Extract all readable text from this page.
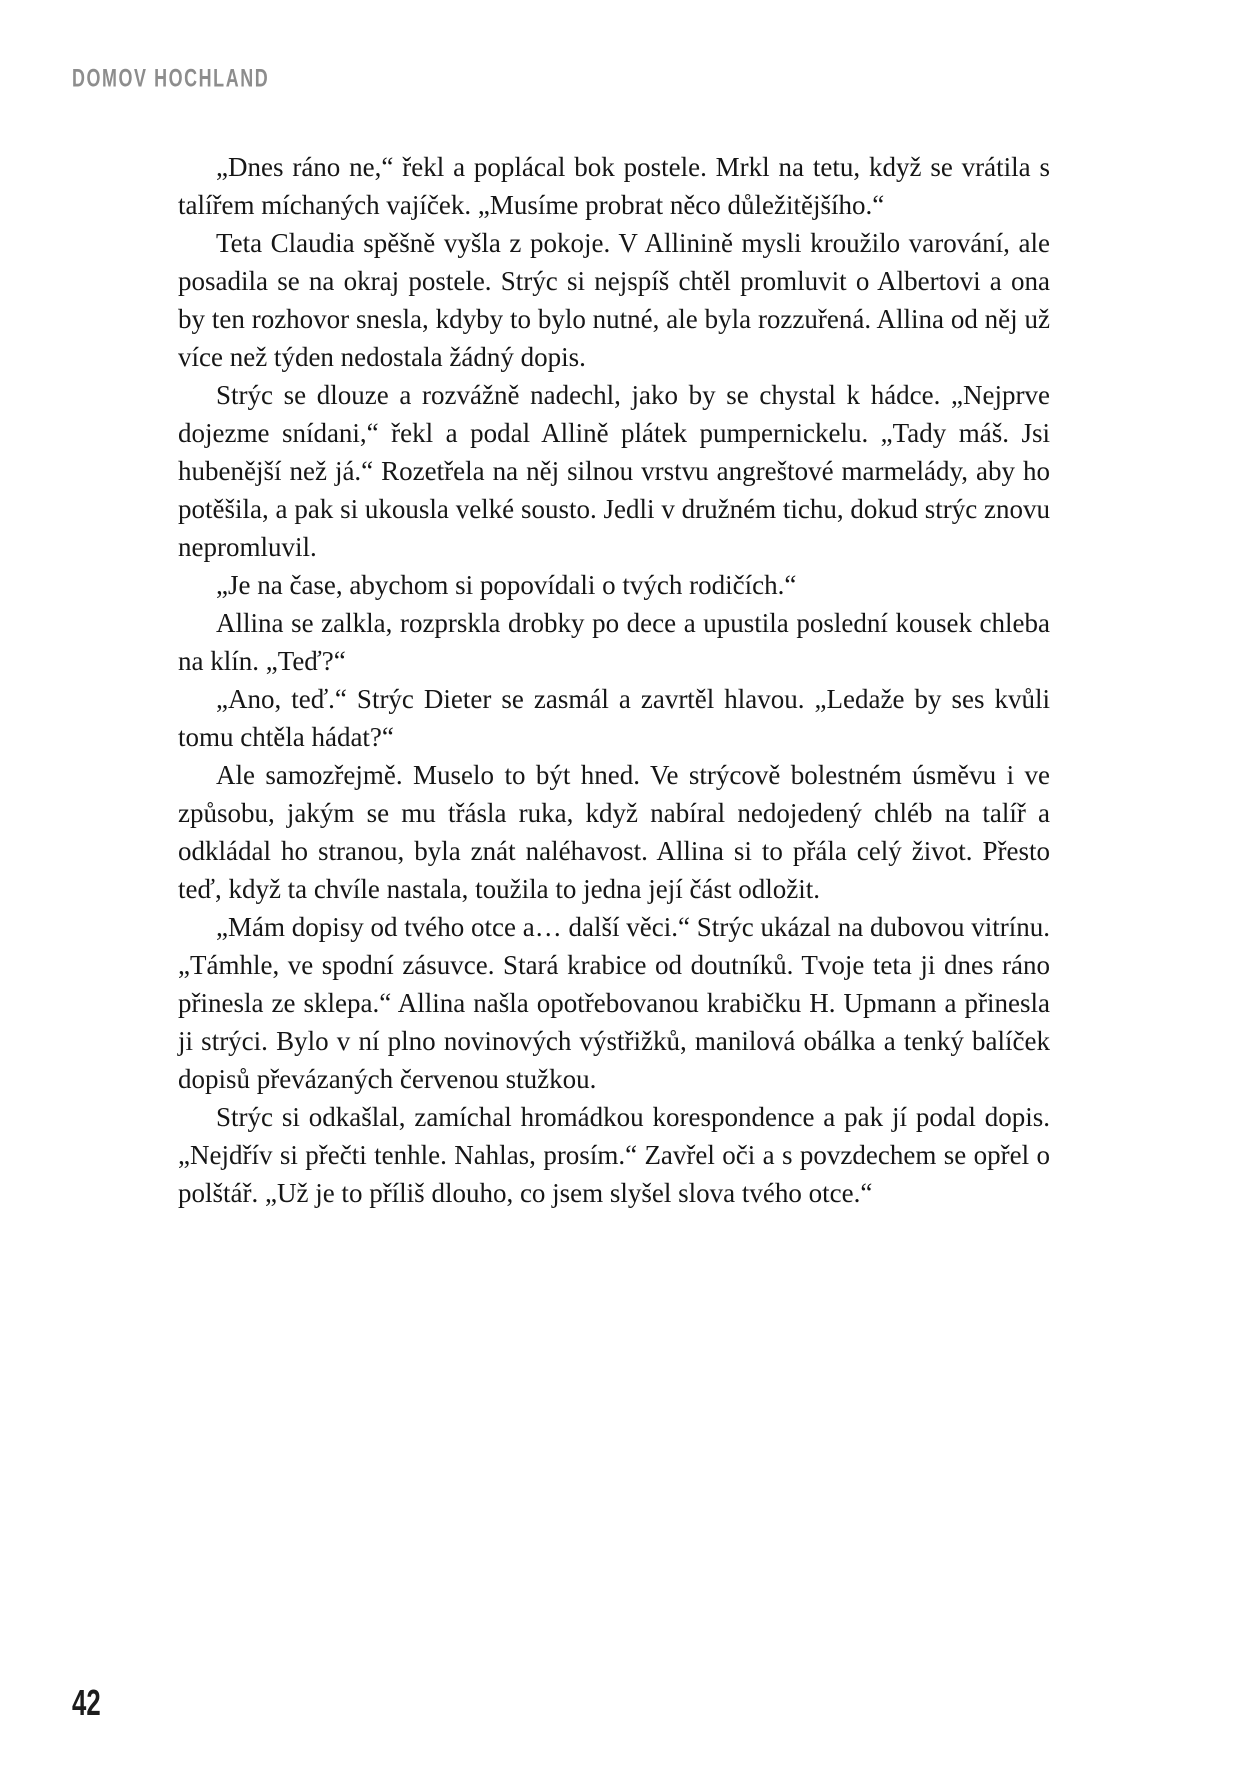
DOMOV HOCHLAND

„Dnes ráno ne,“ řekl a poplácal bok postele. Mrkl na tetu, když se vrátila s talířem míchaných vajíček. „Musíme probrat něco důležitějšího.“

Teta Claudia spěšně vyšla z pokoje. V Allinině mysli kroužilo varování, ale posadila se na okraj postele. Strýc si nejspíš chtěl promluvit o Albertovi a ona by ten rozhovor snesla, kdyby to bylo nutné, ale byla rozzuřená. Allina od něj už více než týden nedostala žádný dopis.

Strýc se dlouze a rozvážně nadechl, jako by se chystal k hádce. „Nejprve dojezme snídani,“ řekl a podal Allině plátek pumpernickelu. „Tady máš. Jsi hubenější než já.“ Rozetřela na něj silnou vrstvu angreštové marmelády, aby ho potěšila, a pak si ukousla velké sousto. Jedli v družném tichu, dokud strýc znovu nepromluvil.

„Je na čase, abychom si popovídali o tvých rodičích.“

Allina se zalkla, rozprskla drobky po dece a upustila poslední kousek chleba na klín. „Teď?“

„Ano, teď.“ Strýc Dieter se zasmál a zavrtěl hlavou. „Ledaže by ses kvůli tomu chtěla hádat?“

Ale samozřejmě. Muselo to být hned. Ve strýcově bolestném úsměvu i ve způsobu, jakým se mu třásla ruka, když nabíral nedojedený chléb na talíř a odkládal ho stranou, byla znát naléhavost. Allina si to přála celý život. Přesto teď, když ta chvíle nastala, toužila to jedna její část odložit.

„Mám dopisy od tvého otce a… další věci.“ Strýc ukázal na dubovou vitrínu. „Támhle, ve spodní zásuvce. Stará krabice od doutníků. Tvoje teta ji dnes ráno přinesla ze sklepa.“ Allina našla opotřebovanou krabičku H. Upmann a přinesla ji strýci. Bylo v ní plno novinových výstřižků, manilová obálka a tenký balíček dopisů převázaných červenou stužkou.

Strýc si odkašlal, zamíchal hromádkou korespondence a pak jí podal dopis. „Nejdřív si přečti tenhle. Nahlas, prosím.“ Zavřel oči a s povzdechem se opřel o polštář. „Už je to příliš dlouho, co jsem slyšel slova tvého otce.“

42
